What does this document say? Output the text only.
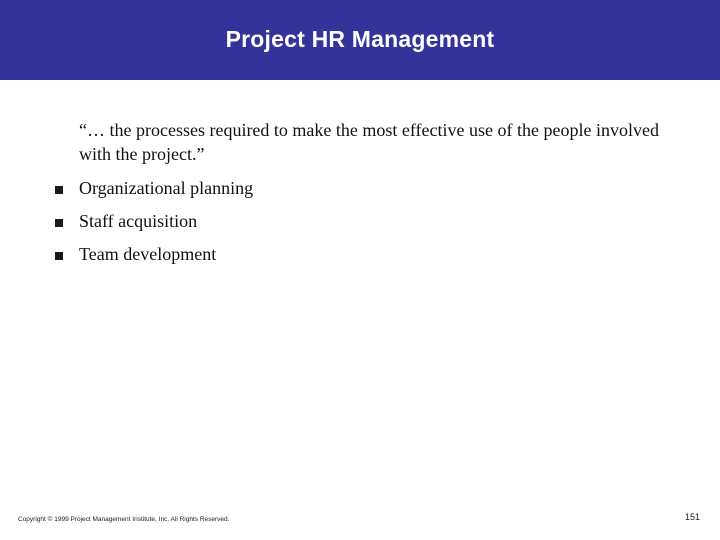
Project HR Management
“… the processes required to make the most effective use of the people involved with the project.”
Organizational planning
Staff acquisition
Team development
Copyright © 1999 Project Management Institute, Inc. All Rights Reserved.	151
